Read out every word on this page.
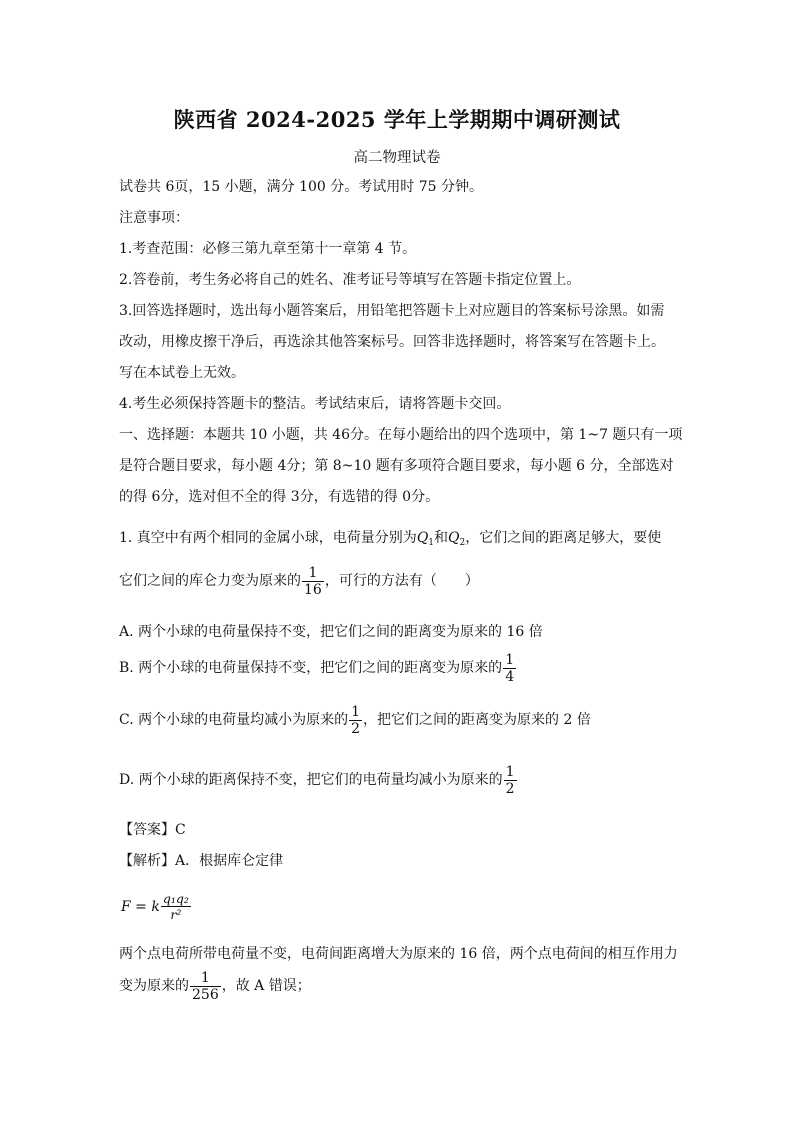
陕西省 2024-2025 学年上学期期中调研测试
高二物理试卷
试卷共 6页，15 小题，满分 100 分。考试用时 75 分钟。
注意事项：
1.考查范围：必修三第九章至第十一章第 4 节。
2.答卷前，考生务必将自己的姓名、准考证号等填写在答题卡指定位置上。
3.回答选择题时，选出每小题答案后，用铅笔把答题卡上对应题目的答案标号涂黑。如需
改动，用橡皮擦干净后，再选涂其他答案标号。回答非选择题时，将答案写在答题卡上。
写在本试卷上无效。
4.考生必须保持答题卡的整洁。考试结束后，请将答题卡交回。
一、选择题：本题共 10 小题，共 46分。在每小题给出的四个选项中，第 1~7 题只有一项
是符合题目要求，每小题 4分；第 8~10 题有多项符合题目要求，每小题 6 分，全部选对
的得 6分，选对但不全的得 3分，有选错的得 0分。
1. 真空中有两个相同的金属小球，电荷量分别为$Q_1$和$Q_2$，它们之间的距离足够大，要使
它们之间的库仑力变为原来的 $\frac{1}{16}$ ，可行的方法有（　　）
A. 两个小球的电荷量保持不变，把它们之间的距离变为原来的 16 倍
B. 两个小球的电荷量保持不变，把它们之间的距离变为原来的 $\frac{1}{4}$
C. 两个小球的电荷量均减小为原来的 $\frac{1}{2}$ ，把它们之间的距离变为原来的 2 倍
D. 两个小球的距离保持不变，把它们的电荷量均减小为原来的 $\frac{1}{2}$
【答案】C
【解析】A．根据库仑定律
F = k $\frac{\text{q₁q₂}}{\text{r²}}$
两个点电荷所带电荷量不变，电荷间距离增大为原来的 16 倍，两个点电荷间的相互作用力
变为原来的 $\frac{1}{256}$ ，故 A 错误；
